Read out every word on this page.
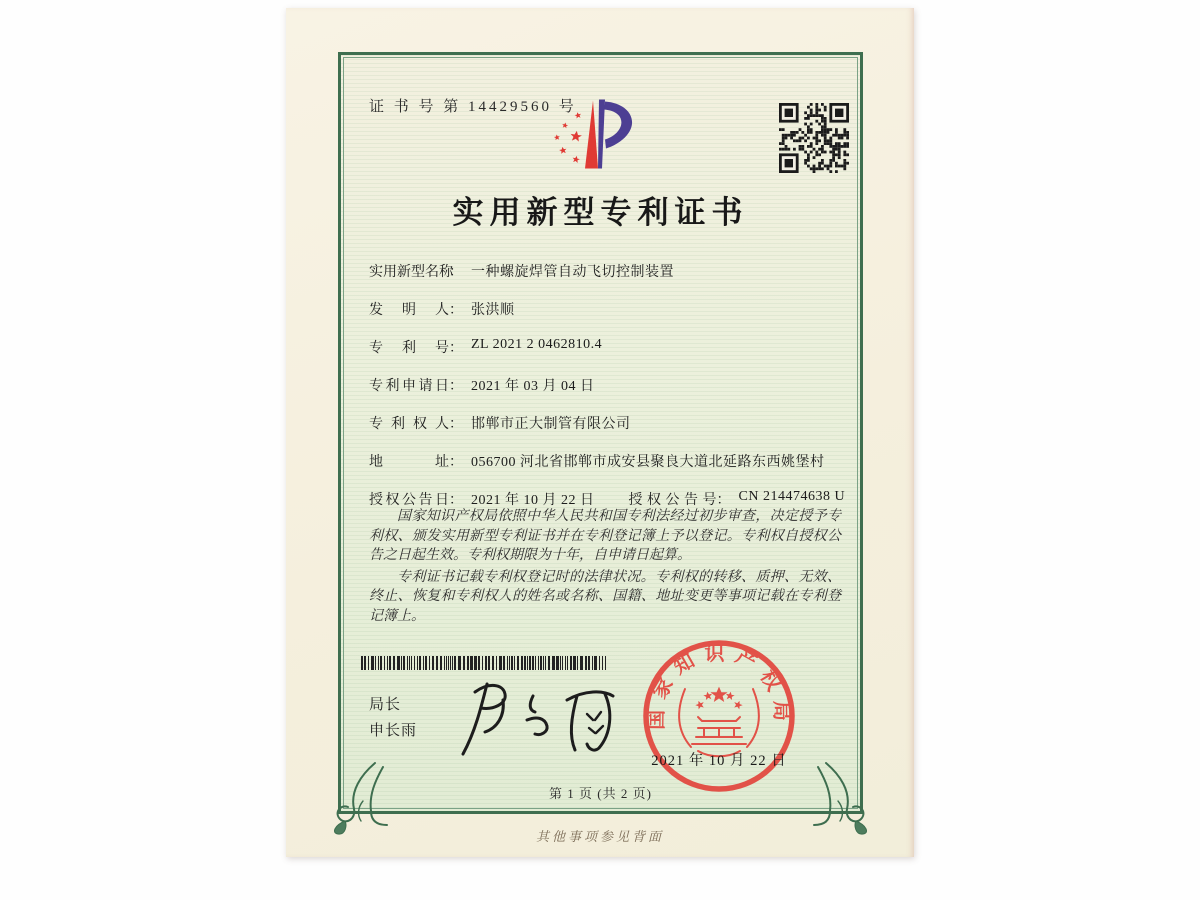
证 书 号 第 14429560 号
实用新型专利证书
实用新型名称： 一种螺旋焊管自动飞切控制装置
发明人： 张洪顺
专利号： ZL 2021 2 0462810.4
专利申请日： 2021 年 03 月 04 日
专利权人： 邯郸市正大制管有限公司
地址： 056700 河北省邯郸市成安县聚良大道北延路东西姚堡村
授权公告日： 2021 年 10 月 22 日 授权公告号： CN 214474638 U

国家知识产权局依照中华人民共和国专利法经过初步审查，决定授予专利权、颁发实用新型专利证书并在专利登记簿上予以登记。专利权自授权公告之日起生效。专利权期限为十年，自申请日起算。

专利证书记载专利权登记时的法律状况。专利权的转移、质押、无效、终止、恢复和专利权人的姓名或名称、国籍、地址变更等事项记载在专利登记簿上。

局长
申长雨
国家知识产权局
2021 年 10 月 22 日
第 1 页 (共 2 页)
其他事项参见背面
